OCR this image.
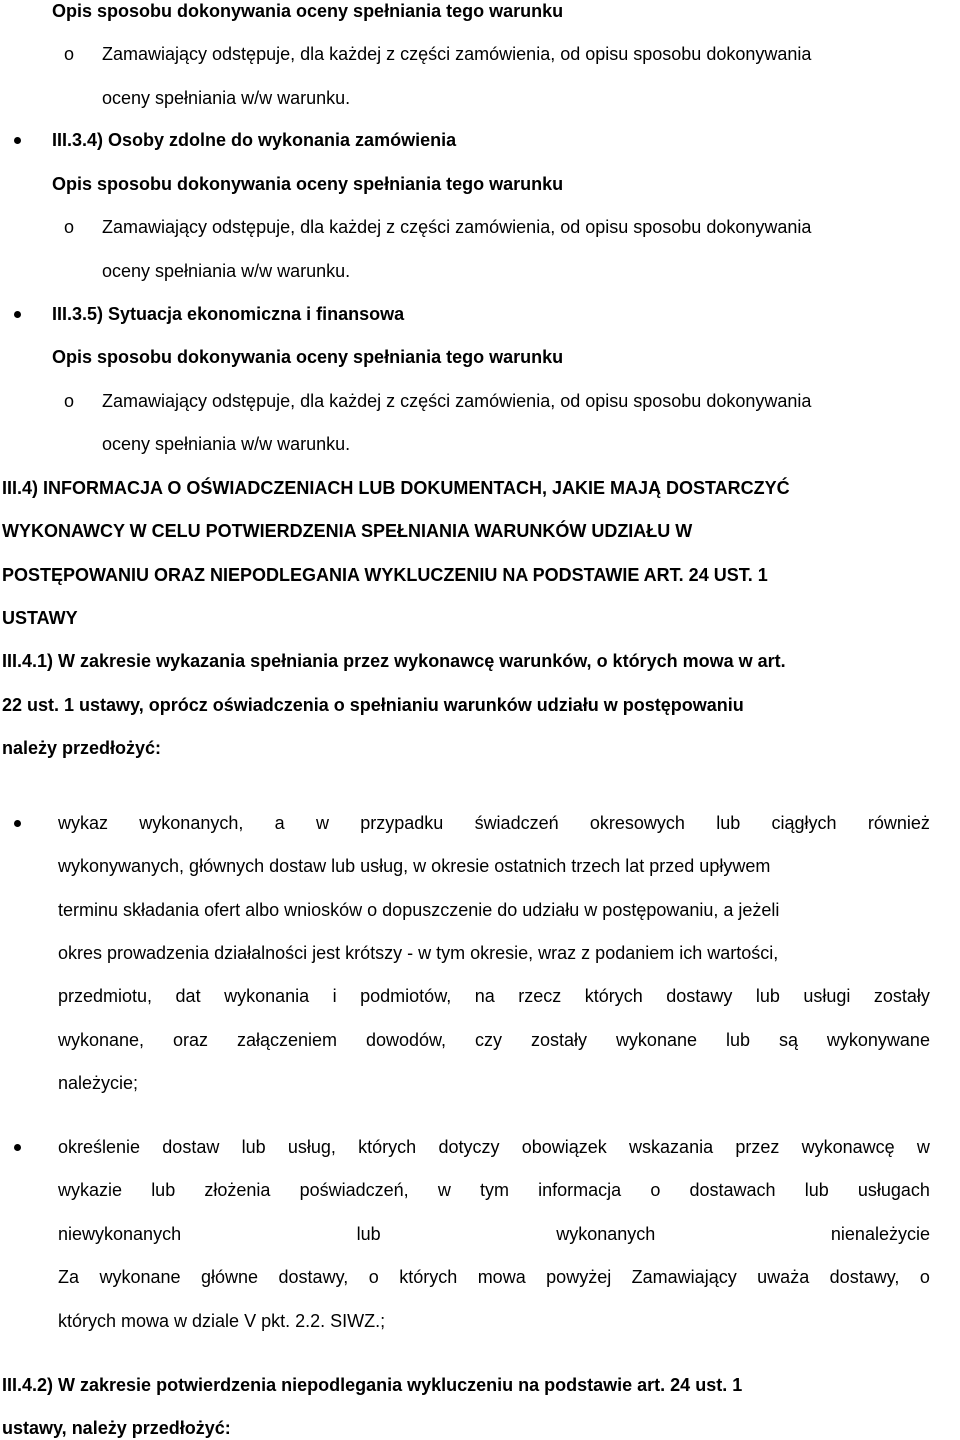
Opis sposobu dokonywania oceny spełniania tego warunku
o Zamawiający odstępuje, dla każdej z części zamówienia, od opisu sposobu dokonywania
oceny spełniania w/w warunku.
III.3.4) Osoby zdolne do wykonania zamówienia
Opis sposobu dokonywania oceny spełniania tego warunku
o Zamawiający odstępuje, dla każdej z części zamówienia, od opisu sposobu dokonywania
oceny spełniania w/w warunku.
III.3.5) Sytuacja ekonomiczna i finansowa
Opis sposobu dokonywania oceny spełniania tego warunku
o Zamawiający odstępuje, dla każdej z części zamówienia, od opisu sposobu dokonywania
oceny spełniania w/w warunku.
III.4) INFORMACJA O OŚWIADCZENIACH LUB DOKUMENTACH, JAKIE MAJĄ DOSTARCZYĆ
WYKONAWCY W CELU POTWIERDZENIA SPEŁNIANIA WARUNKÓW UDZIAŁU W
POSTĘPOWANIU ORAZ NIEPODLEGANIA WYKLUCZENIU NA PODSTAWIE ART. 24 UST. 1
USTAWY
III.4.1) W zakresie wykazania spełniania przez wykonawcę warunków, o których mowa w art.
22 ust. 1 ustawy, oprócz oświadczenia o spełnianiu warunków udziału w postępowaniu
należy przedłożyć:
wykaz wykonanych, a w przypadku świadczeń okresowych lub ciągłych również
wykonywanych, głównych dostaw lub usług, w okresie ostatnich trzech lat przed upływem
terminu składania ofert albo wniosków o dopuszczenie do udziału w postępowaniu, a jeżeli
okres prowadzenia działalności jest krótszy - w tym okresie, wraz z podaniem ich wartości,
przedmiotu, dat wykonania i podmiotów, na rzecz których dostawy lub usługi zostały
wykonane, oraz załączeniem dowodów, czy zostały wykonane lub są wykonywane
należycie;
określenie dostaw lub usług, których dotyczy obowiązek wskazania przez wykonawcę w
wykazie lub złożenia poświadczeń, w tym informacja o dostawach lub usługach
niewykonanych	lub	wykonanych	nienależycie
Za wykonane główne dostawy, o których mowa powyżej Zamawiający uważa dostawy, o
których mowa w dziale V pkt. 2.2. SIWZ.;
III.4.2) W zakresie potwierdzenia niepodlegania wykluczeniu na podstawie art. 24 ust. 1
ustawy, należy przedłożyć:
